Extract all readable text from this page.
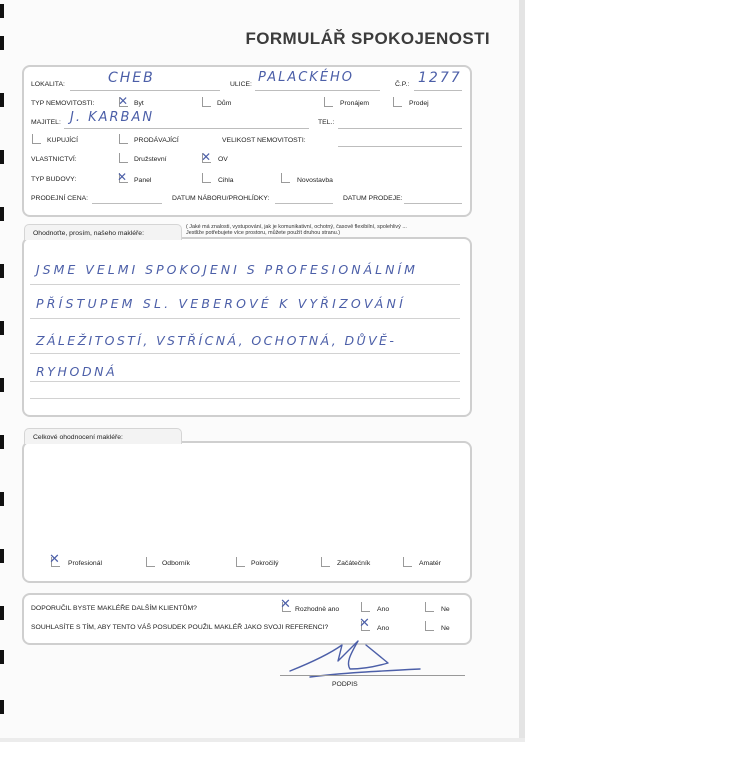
FORMULÁŘ SPOKOJENOSTI
LOKALITA:	CHEB	ULICE: PALACKÉHO	Č.P.: 1277
TYP NEMOVITOSTI: ✕ Byt	Dům	Pronájem	Prodej
MAJITEL: J. KARBAN	TEL.:
KUPUJÍCÍ	PRODÁVAJÍCÍ	VELIKOST NEMOVITOSTI:
VLASTNICTVÍ:	Družstevní	✕ OV
TYP BUDOVY:	✕ Panel	Cihla	Novostavba
PRODEJNÍ CENA:	DATUM NÁBORU/PROHLÍDKY:	DATUM PRODEJE:
Ohodnoťte, prosím, našeho makléře:
( Jaké má znalosti, vystupování, jak je komunikativní, ochotný, časově flexibilní, spolehlivý ...
Jestliže potřebujete více prostoru, můžete použít druhou stranu.)
JSME VELMI SPOKOJENI S PROFESIONÁLNÍM
PŘÍSTUPEM SL. VEBEROVÉ K VYŘIZOVÁNÍ
ZÁLEŽITOSTÍ, VSTŘÍCNÁ, OCHOTNÁ, DŮVĚ-
RYHODNÁ
Celkové ohodnocení makléře:
✕ Profesionál	Odborník	Pokročilý	Začátečník	Amatér
DOPORUČIL BYSTE MAKLÉŘE DALŠÍM KLIENTŮM?	✕ Rozhodně ano	Ano	Ne
SOUHLASÍTE S TÍM, ABY TENTO VÁŠ POSUDEK POUŽIL MAKLÉŘ JAKO SVOJI REFERENCI? ✕ Ano	Ne
PODPIS
